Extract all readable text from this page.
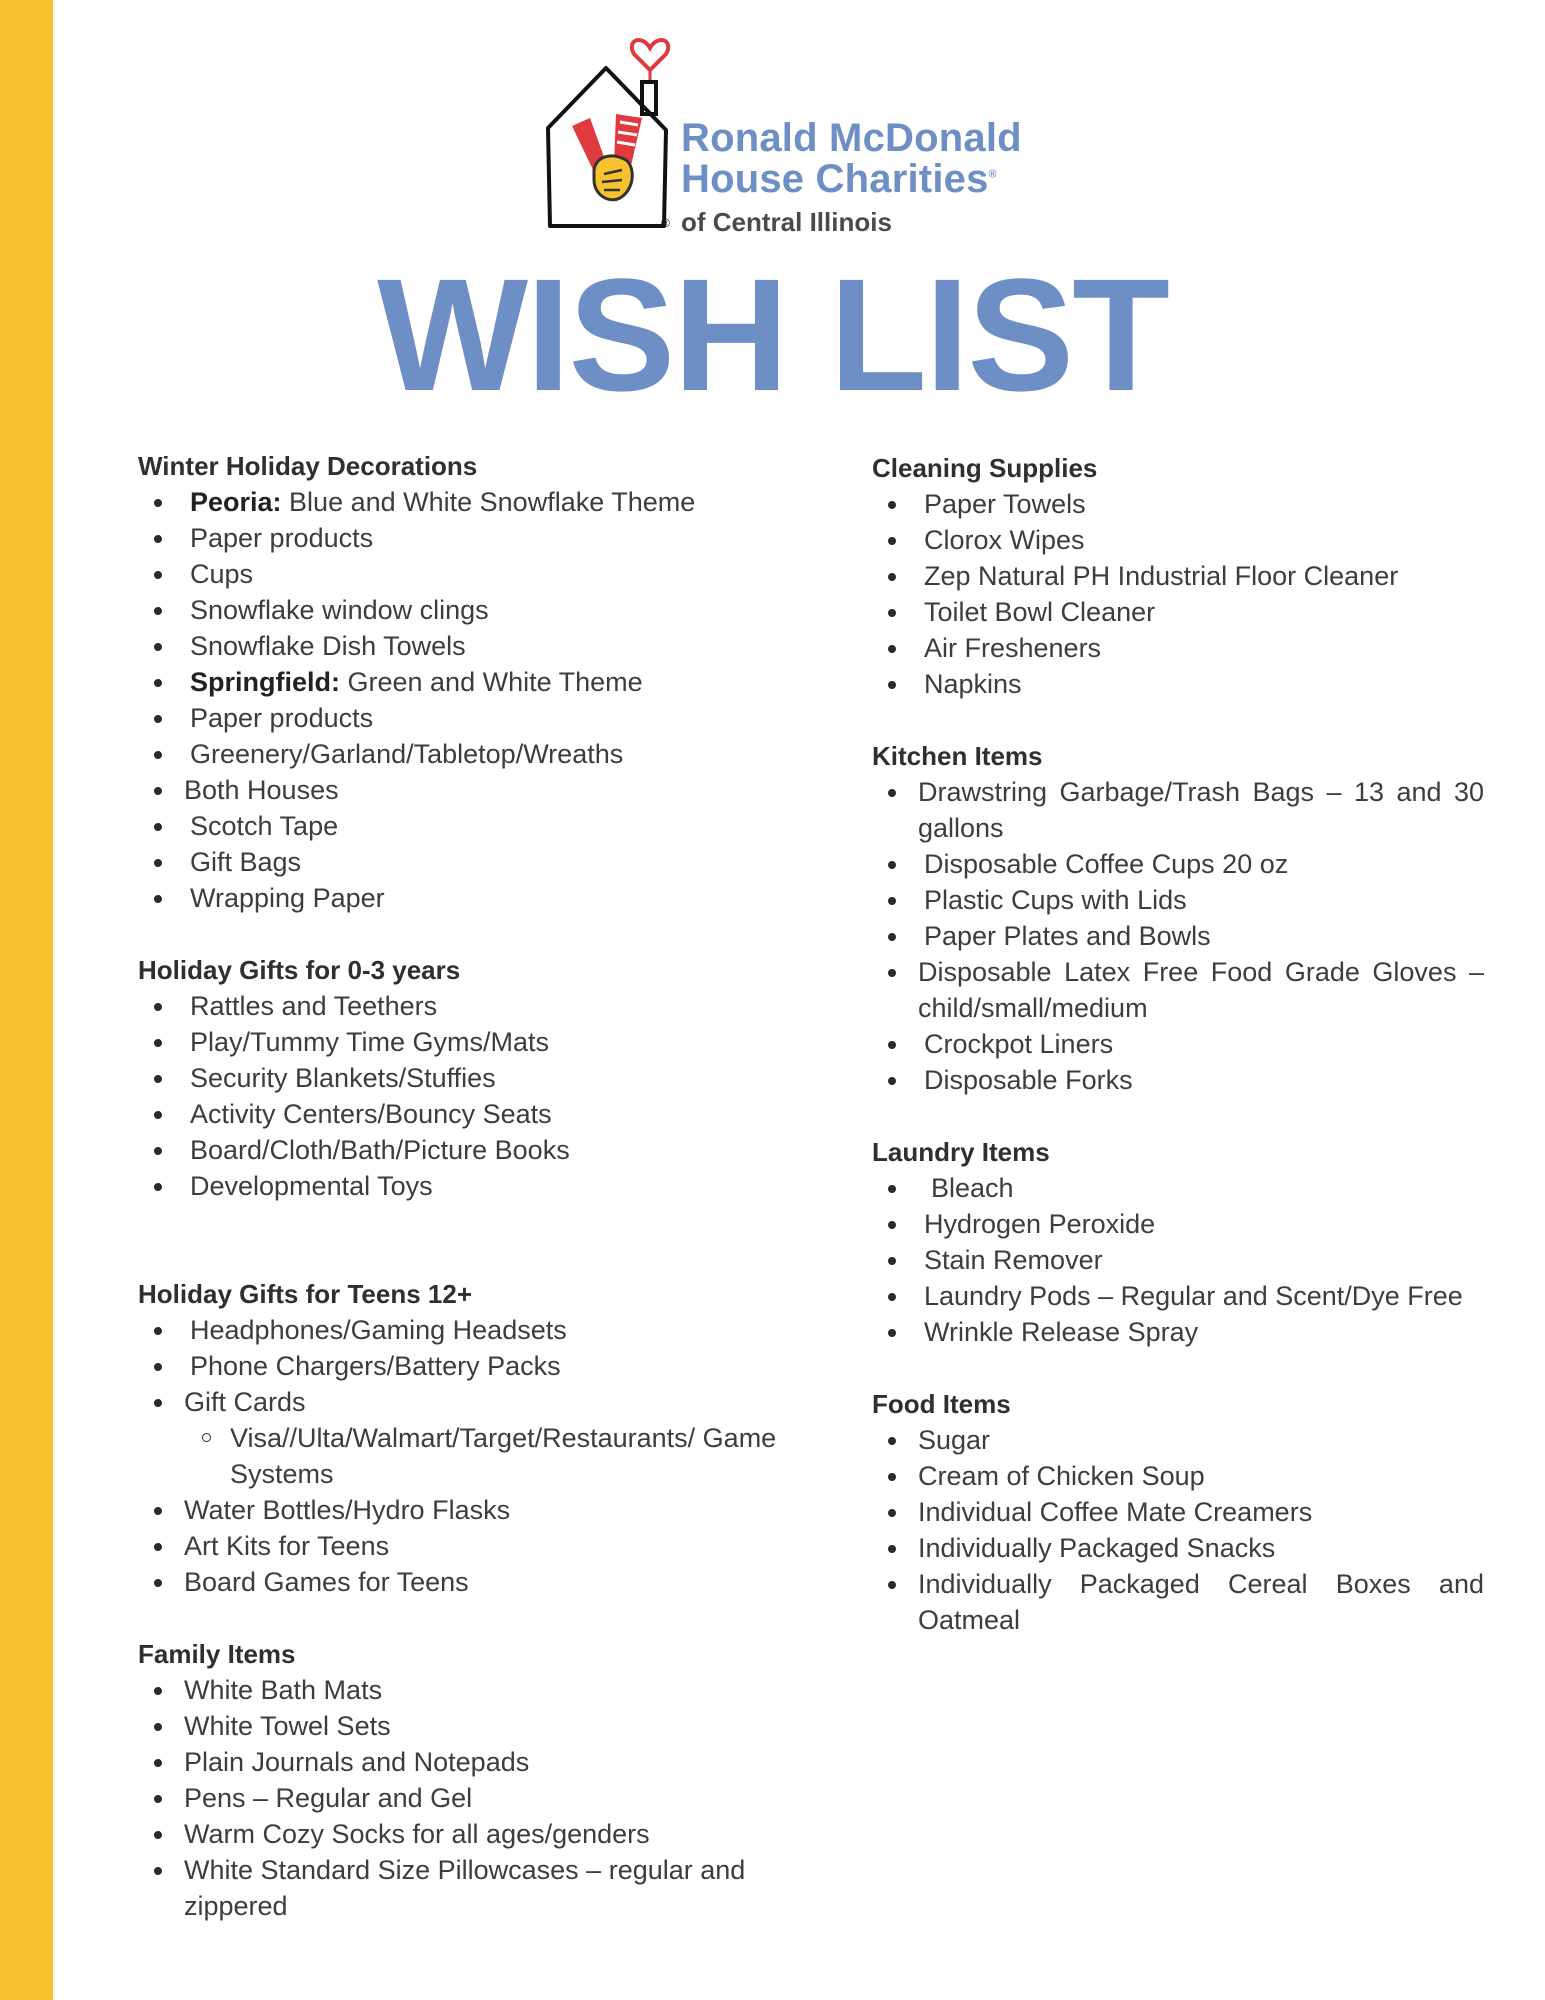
Ronald McDonald
House Charities®
® of Central Illinois
WISH LIST
Winter Holiday Decorations
Peoria: Blue and White Snowflake Theme
Paper products
Cups
Snowflake window clings
Snowflake Dish Towels
Springfield: Green and White Theme
Paper products
Greenery/Garland/Tabletop/Wreaths
Both Houses
Scotch Tape
Gift Bags
Wrapping Paper
Holiday Gifts for 0-3 years
Rattles and Teethers
Play/Tummy Time Gyms/Mats
Security Blankets/Stuffies
Activity Centers/Bouncy Seats
Board/Cloth/Bath/Picture Books
Developmental Toys
Holiday Gifts for Teens 12+
Headphones/Gaming Headsets
Phone Chargers/Battery Packs
Gift Cards
Visa//Ulta/Walmart/Target/Restaurants/ Game Systems
Water Bottles/Hydro Flasks
Art Kits for Teens
Board Games for Teens
Family Items
White Bath Mats
White Towel Sets
Plain Journals and Notepads
Pens – Regular and Gel
Warm Cozy Socks for all ages/genders
White Standard Size Pillowcases – regular and zippered
Cleaning Supplies
Paper Towels
Clorox Wipes
Zep Natural PH Industrial Floor Cleaner
Toilet Bowl Cleaner
Air Fresheners
Napkins
Kitchen Items
Drawstring Garbage/Trash Bags – 13 and 30 gallons
Disposable Coffee Cups 20 oz
Plastic Cups with Lids
Paper Plates and Bowls
Disposable Latex Free Food Grade Gloves – child/small/medium
Crockpot Liners
Disposable Forks
Laundry Items
Bleach
Hydrogen Peroxide
Stain Remover
Laundry Pods – Regular and Scent/Dye Free
Wrinkle Release Spray
Food Items
Sugar
Cream of Chicken Soup
Individual Coffee Mate Creamers
Individually Packaged Snacks
Individually Packaged Cereal Boxes and Oatmeal
